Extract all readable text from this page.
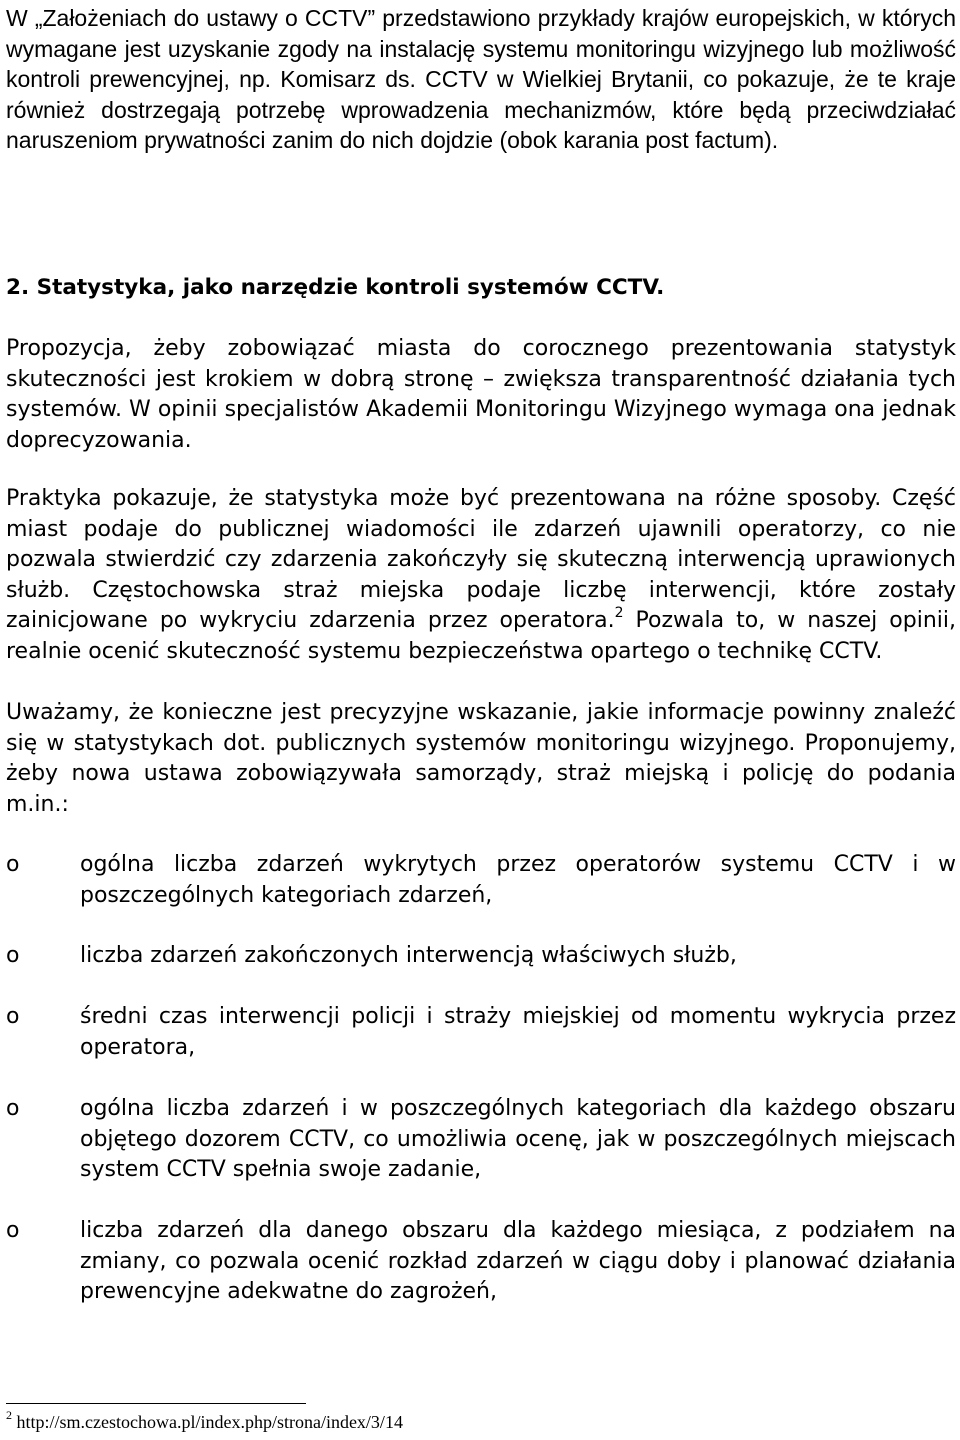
W „Założeniach do ustawy o CCTV” przedstawiono przykłady krajów europejskich, w których wymagane jest uzyskanie zgody na instalację systemu monitoringu wizyjnego lub możliwość kontroli prewencyjnej, np. Komisarz ds. CCTV w Wielkiej Brytanii, co pokazuje, że te kraje również dostrzegają potrzebę wprowadzenia mechanizmów, które będą przeciwdziałać naruszeniom prywatności zanim do nich dojdzie (obok karania post factum).

2. Statystyka, jako narzędzie kontroli systemów CCTV.

Propozycja, żeby zobowiązać miasta do corocznego prezentowania statystyk skuteczności jest krokiem w dobrą stronę – zwiększa transparentność działania tych systemów. W opinii specjalistów Akademii Monitoringu Wizyjnego wymaga ona jednak doprecyzowania.

Praktyka pokazuje, że statystyka może być prezentowana na różne sposoby. Część miast podaje do publicznej wiadomości ile zdarzeń ujawnili operatorzy, co nie pozwala stwierdzić czy zdarzenia zakończyły się skuteczną interwencją uprawionych służb. Częstochowska straż miejska podaje liczbę interwencji, które zostały zainicjowane po wykryciu zdarzenia przez operatora.$^2$ Pozwala to, w naszej opinii, realnie ocenić skuteczność systemu bezpieczeństwa opartego o technikę CCTV.

Uważamy, że konieczne jest precyzyjne wskazanie, jakie informacje powinny znaleźć się w statystykach dot. publicznych systemów monitoringu wizyjnego. Proponujemy, żeby nowa ustawa zobowiązywała samorządy, straż miejską i policję do podania m.in.:

o	ogólna liczba zdarzeń wykrytych przez operatorów systemu CCTV i w poszczególnych kategoriach zdarzeń,
o	liczba zdarzeń zakończonych interwencją właściwych służb,
o	średni czas interwencji policji i straży miejskiej od momentu wykrycia przez operatora,
o	ogólna liczba zdarzeń i w poszczególnych kategoriach dla każdego obszaru objętego dozorem CCTV, co umożliwia ocenę, jak w poszczególnych miejscach system CCTV spełnia swoje zadanie,
o	liczba zdarzeń dla danego obszaru dla każdego miesiąca, z podziałem na zmiany, co pozwala ocenić rozkład zdarzeń w ciągu doby i planować działania prewencyjne adekwatne do zagrożeń,
$^2$ http://sm.czestochowa.pl/index.php/strona/index/3/14
